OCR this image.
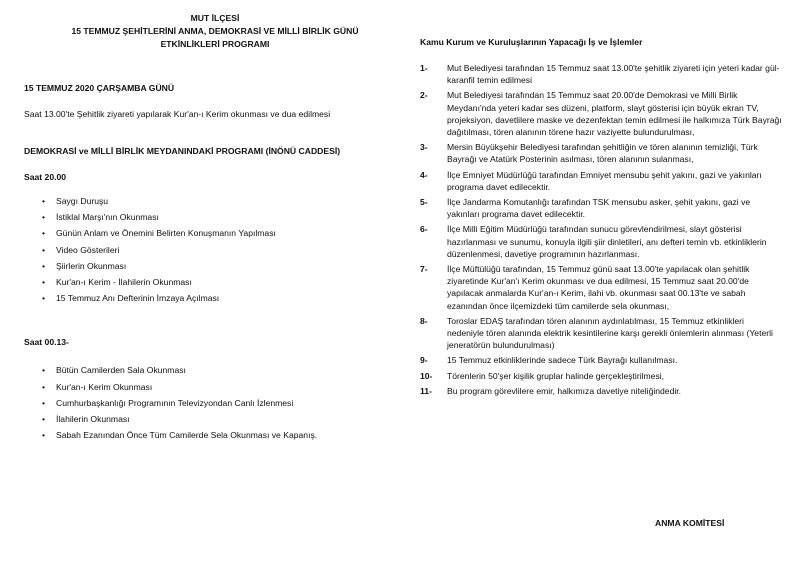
MUT İLÇESİ
15 TEMMUZ ŞEHİTLERİNİ ANMA, DEMOKRASİ VE MİLLİ BİRLİK GÜNÜ
ETKİNLİKLERİ PROGRAMI
15 TEMMUZ 2020 ÇARŞAMBA GÜNÜ
Saat 13.00'te Şehitlik ziyareti yapılarak Kur'an-ı Kerim okunması ve dua edilmesi
DEMOKRASİ ve MİLLİ BİRLİK MEYDANINDAKİ PROGRAMI (İNÖNÜ CADDESİ)
Saat 20.00
• Saygı Duruşu
• İstiklal Marşı'nın Okunması
• Günün Anlam ve Önemini Belirten Konuşmanın Yapılması
• Video Gösterileri
• Şiirlerin Okunması
• Kur'an-ı Kerim - İlahilerin Okunması
• 15 Temmuz Anı Defterinin İmzaya Açılması
Saat 00.13-
• Bütün Camilerden Sala Okunması
• Kur'an-ı Kerim Okunması
• Cumhurbaşkanlığı Programının Televizyondan Canlı İzlenmesi
• İlahilerin Okunması
• Sabah Ezanından Önce Tüm Camilerde Sela Okunması ve Kapanış.
Kamu Kurum ve Kuruluşlarının Yapacağı İş ve İşlemler
1- Mut Belediyesi tarafından 15 Temmuz saat 13.00'te şehitlik ziyareti için yeteri kadar gül-karanfil temin edilmesi
2- Mut Belediyesi tarafından 15 Temmuz saat 20.00'de Demokrasi ve Milli Birlik Meydanı'nda yeteri kadar ses düzeni, platform, slayt gösterisi için büyük ekran TV, projeksiyon, davetlilere maske ve dezenfektan temin edilmesi ile halkımıza Türk Bayrağı dağıtılması, tören alanının törene hazır vaziyette bulundurulması,
3- Mersin Büyükşehir Belediyesi tarafından şehitliğin ve tören alanının temizliği, Türk Bayrağı ve Atatürk Posterinin asılması, tören alanının sulanması,
4- İlçe Emniyet Müdürlüğü tarafından Emniyet mensubu şehit yakını, gazi ve yakınları programa davet edilecektir.
5- İlçe Jandarma Komutanlığı tarafından TSK mensubu asker, şehit yakını, gazi ve yakınları programa davet edilecektir.
6- İlçe Milli Eğitim Müdürlüğü tarafından sunucu görevlendirilmesi, slayt gösterisi hazırlanması ve sunumu, konuyla ilgili şiir dinletileri, anı defteri temin vb. etkinliklerin düzenlenmesi, davetiye programının hazırlanması.
7- İlçe Müftülüğü tarafından, 15 Temmuz günü saat 13.00'te yapılacak olan şehitlik ziyaretinde Kur'an'ı Kerim okunması ve dua edilmesi, 15 Temmuz saat 20.00'de yapılacak anmalarda Kur'an-ı Kerim, ilahi vb. okunması saat 00.13'te ve sabah ezanından önce ilçemizdeki tüm camilerde sela okunması,
8- Toroslar EDAŞ tarafından tören alanının aydınlatılması, 15 Temmuz etkinlikleri nedeniyle tören alanında elektrik kesintilerine karşı gerekli önlemlerin alınması (Yeterli jeneratörün bulundurulması)
9- 15 Temmuz etkinliklerinde sadece Türk Bayrağı kullanılması.
10- Törenlerin 50'şer kişilik gruplar halinde gerçekleştirilmesi,
11- Bu program görevlilere emir, halkımıza davetiye niteliğindedir.
ANMA KOMİTESİ
